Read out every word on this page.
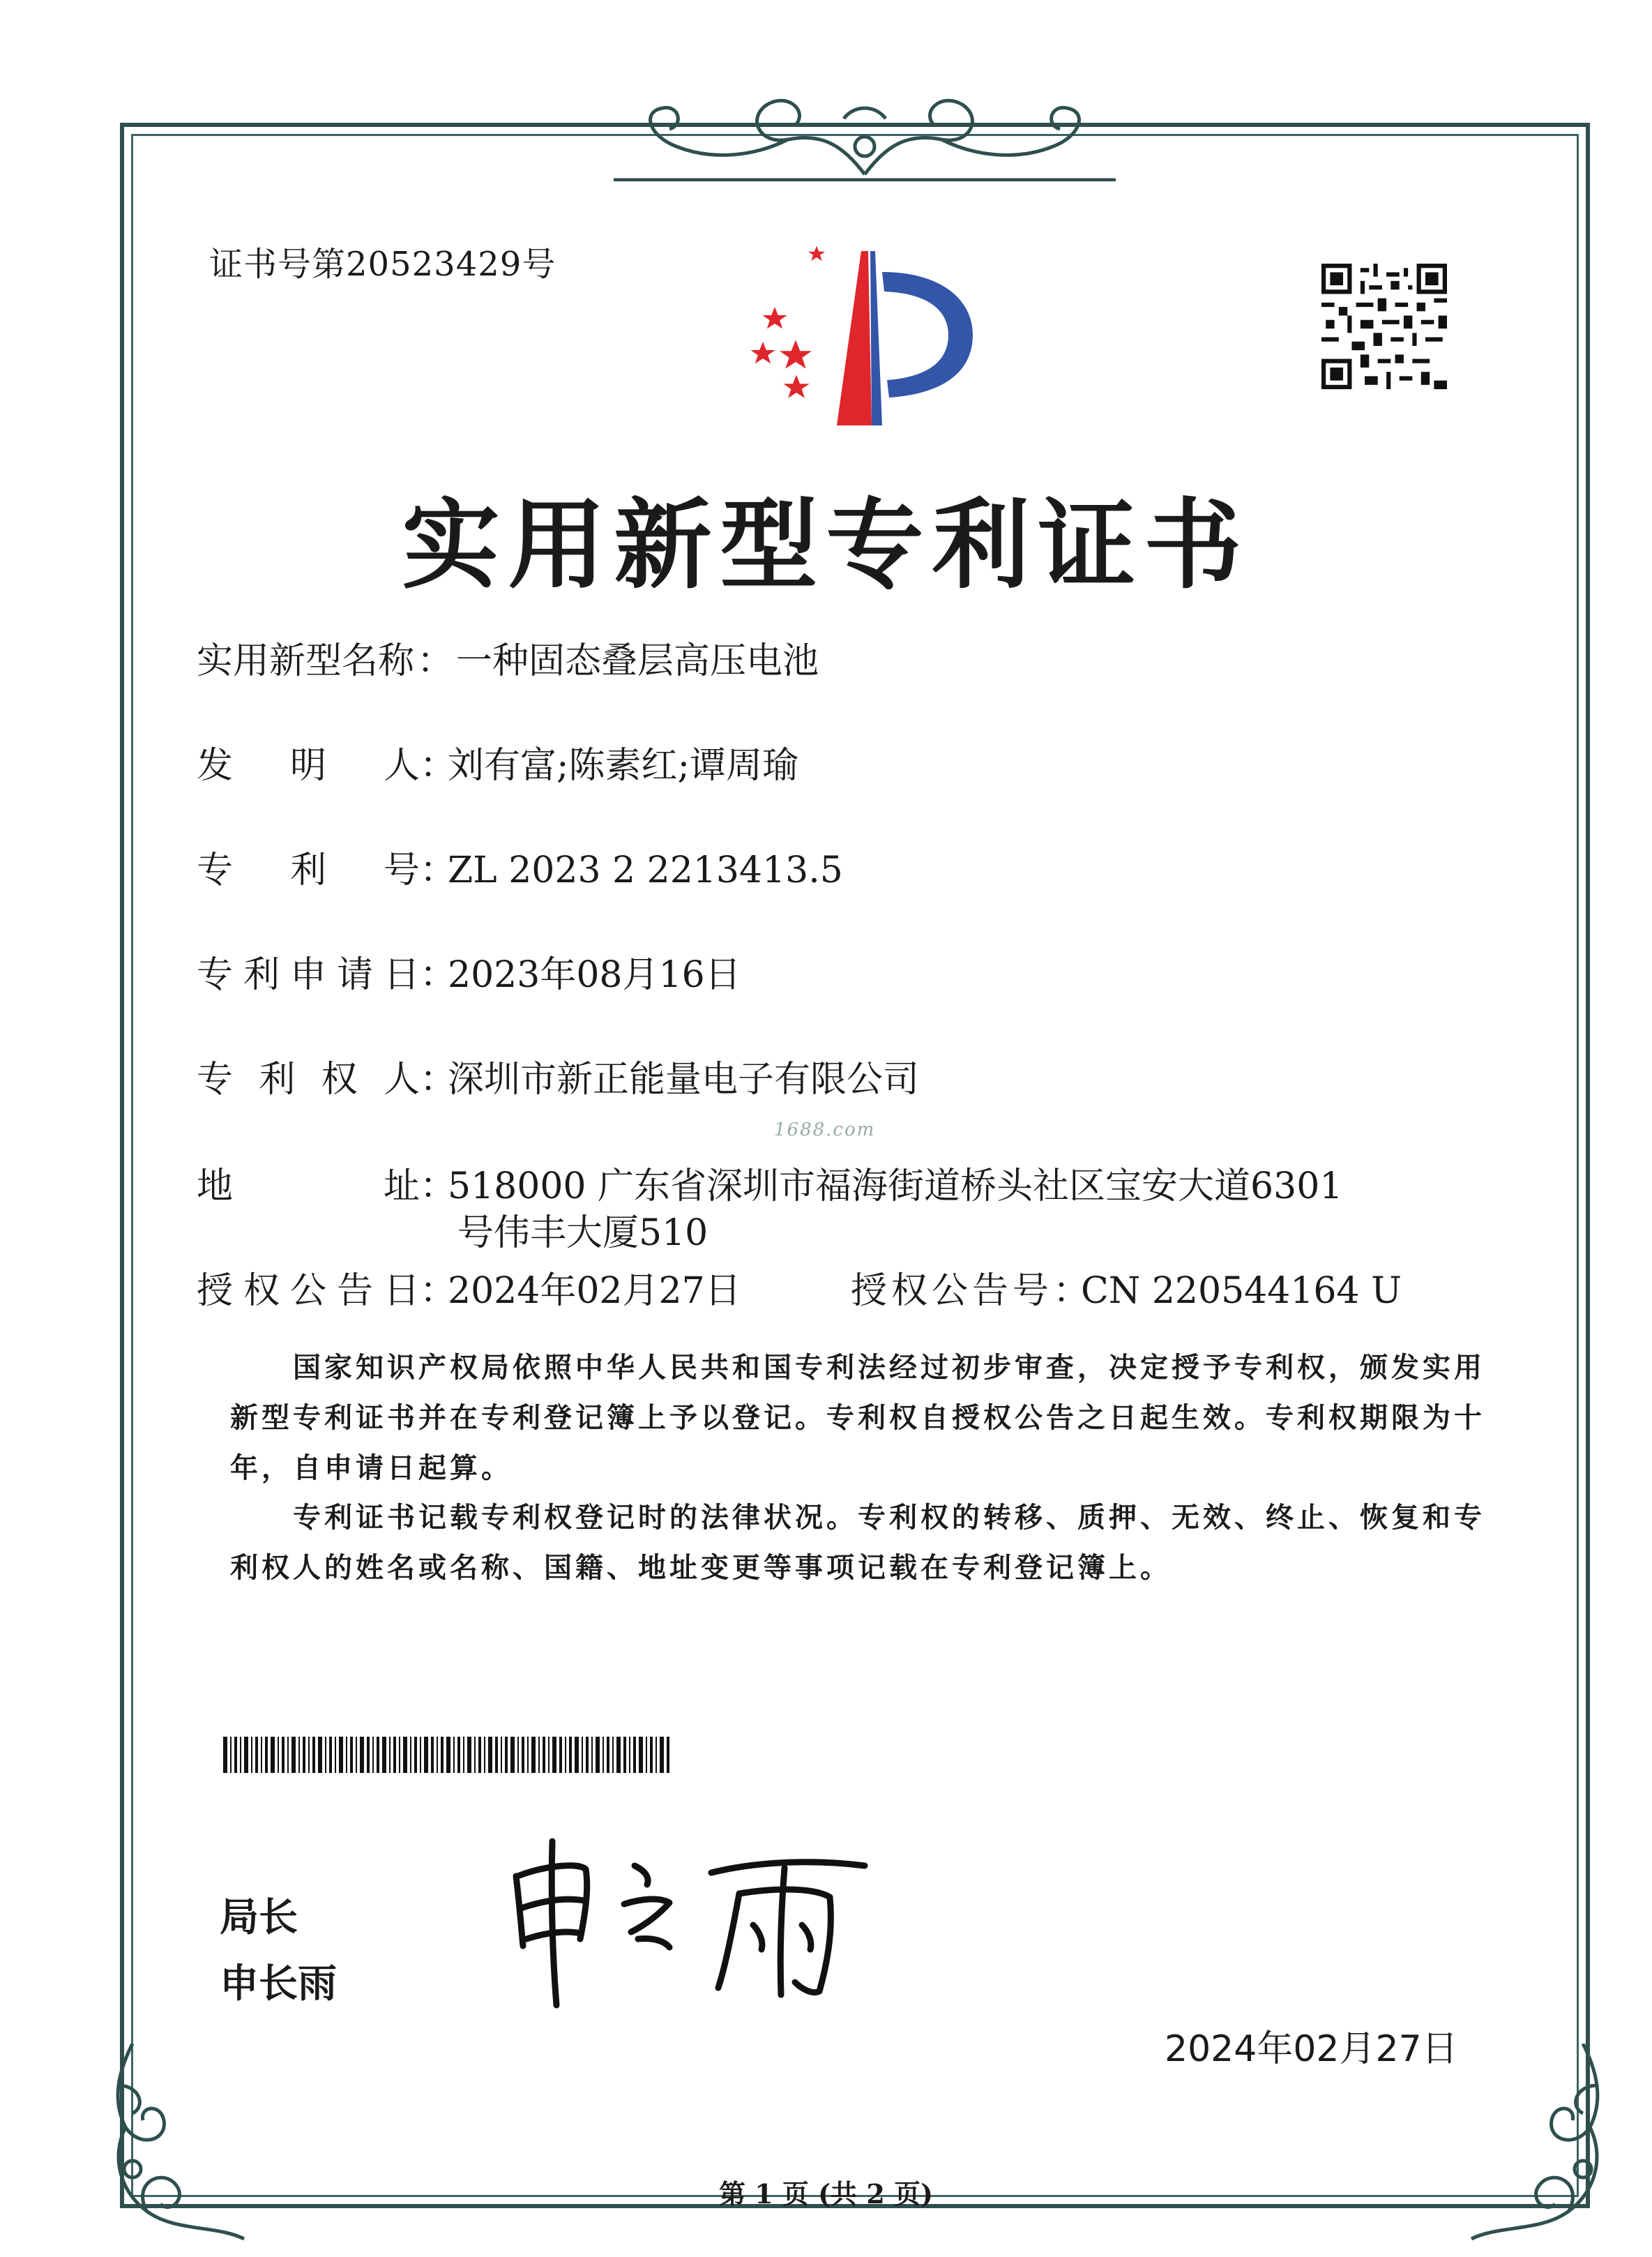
证书号第20523429号
实用新型专利证书
实用新型名称 ： 一种固态叠层高压电池
发 明 人 ：
刘有富;陈素红;谭周瑜
专 利 号 ：
ZL 2023 2 2213413.5
专 利 申 请 日 ：
2023年08月16日
专 利 权 人 ：
深圳市新正能量电子有限公司
1688.com
地	址 ：
518000 广东省深圳市福海街道桥头社区宝安大道6301
号伟丰大厦510
授 权 公 告 日 ：
2024年02月27日	授权公告号 ：
CN 220544164 U
国家知识产权局依照中华人民共和国专利法经过初步审查，决定授予专利权，颁发实用新型专利证书并在专利登记簿上予以登记。专利权自授权公告之日起生效。专利权期限为十年，自申请日起算。
专利证书记载专利权登记时的法律状况。专利权的转移、质押、无效、终止、恢复和专利权人的姓名或名称、国籍、地址变更等事项记载在专利登记簿上。
局长
申长雨
2024年02月27日
第 1 页 (共 2 页)
